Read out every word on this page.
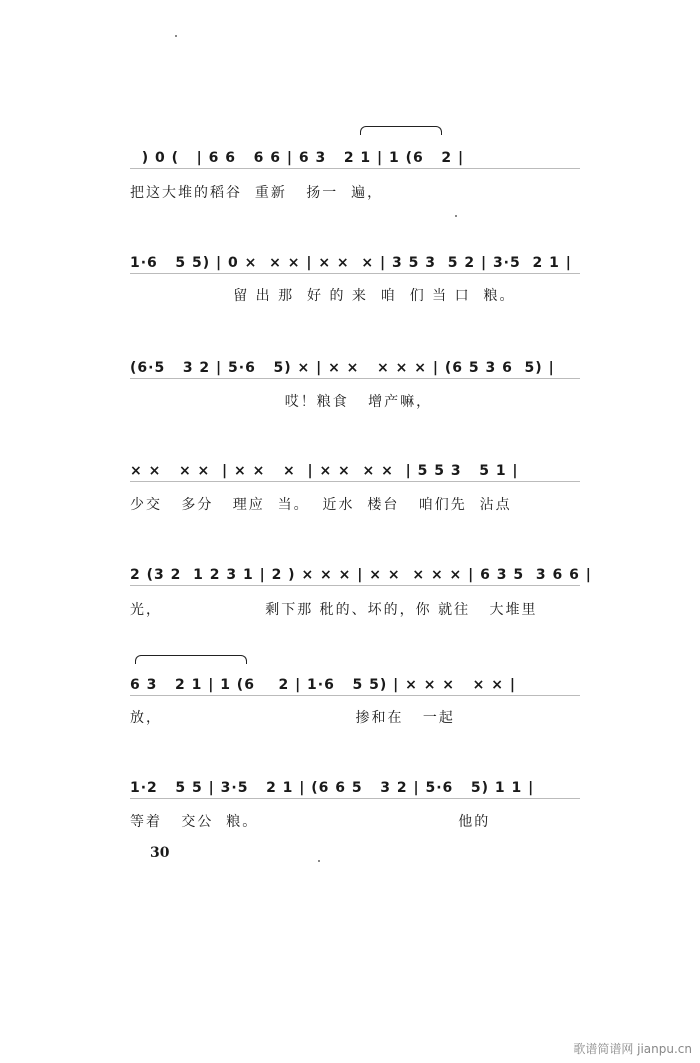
) 0 (   | 6 6   6 6 | 6 3   2 1 | 1 (6   2 |
把这大堆的稻谷  重新   扬一  遍，
1·6   5 5) | 0 ×  × × | × ×  × | 3 5 3  5 2 | 3·5  2 1 |
留 出 那  好 的 来  咱  们 当 口  粮。
(6·5   3 2 | 5·6   5) × | × ×   × × × | (6 5 3 6  5) |
哎！粮食   增产嘛，
× ×   × ×  | × ×   ×  | × ×  × ×  | 5 5 3   5 1 |
少交   多分   理应  当。  近水  楼台   咱们先  沾点
2 (3 2  1 2 3 1 | 2 ) × × × | × ×  × × × | 6 3 5  3 6 6 |
光，                剩下那 秕的、坏的，你 就往   大堆里
6 3   2 1 | 1 (6    2 | 1·6   5 5) | × × ×   × × |
放，                              掺和在   一起
1·2   5 5 | 3·5   2 1 | (6 6 5   3 2 | 5·6   5) 1 1 |
等着   交公  粮。                               他的
30
歌谱简谱网 jianpu.cn
